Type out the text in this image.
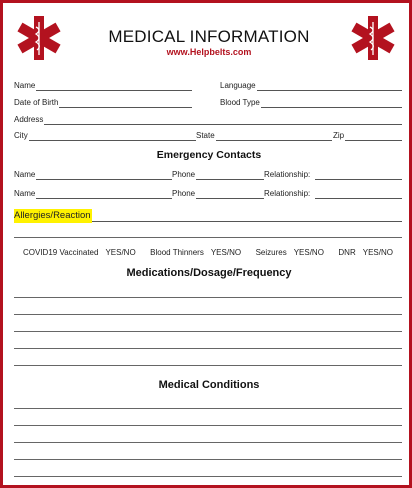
MEDICAL INFORMATION
www.Helpbelts.com
Name	Language
Date of Birth	Blood Type
Address
City	State	Zip
Emergency Contacts
Name	Phone	Relationship:
Name	Phone	Relationship:
Allergies/Reaction
COVID19 Vaccinated YES/NO Blood Thinners YES/NO Seizures YES/NO DNR YES/NO
Medications/Dosage/Frequency
Medical Conditions
